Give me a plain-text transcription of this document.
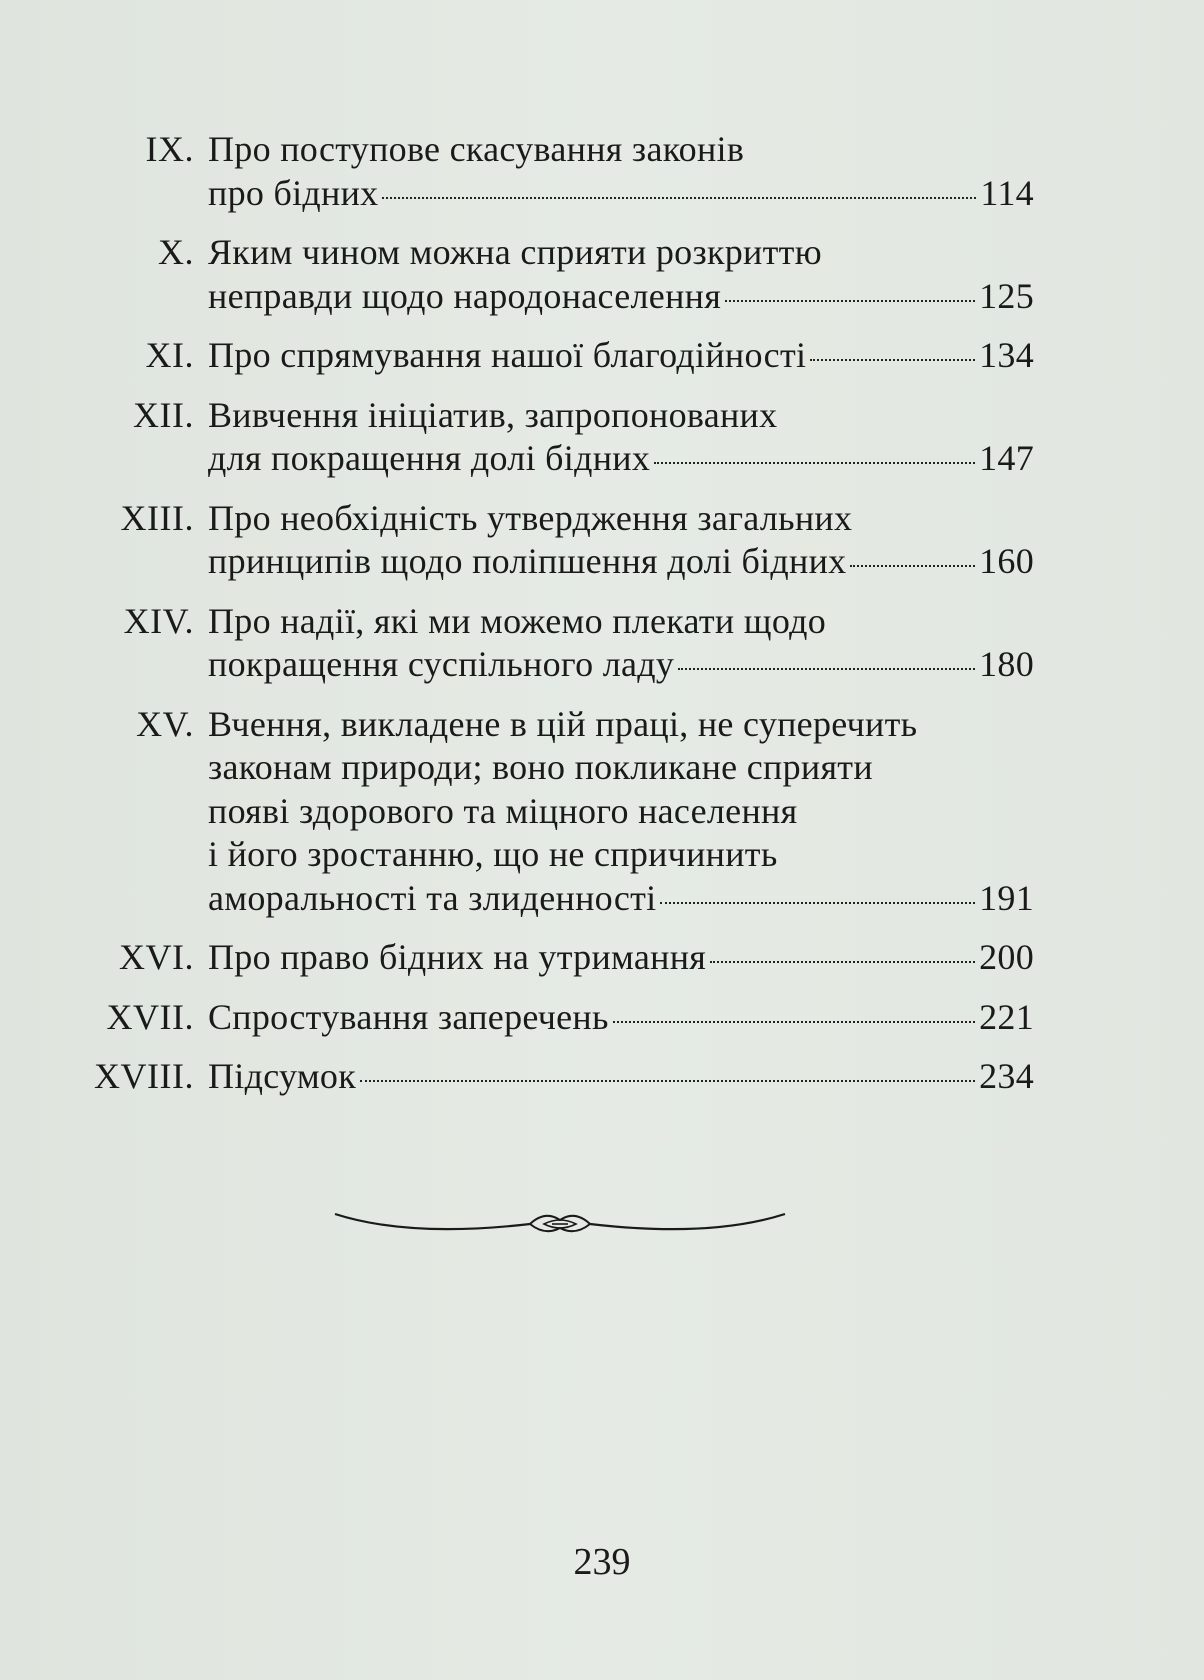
IX. Про поступове скасування законів
про бідних	114
X. Яким чином можна сприяти розкриттю
неправди щодо народонаселення	125
XI. Про спрямування нашої благодійності	134
XII. Вивчення ініціатив, запропонованих
для покращення долі бідних	147
XIII. Про необхідність утвердження загальних
принципів щодо поліпшення долі бідних	160
XIV. Про надії, які ми можемо плекати щодо
покращення суспільного ладу	180
XV. Вчення, викладене в цій праці, не суперечить
законам природи; воно покликане сприяти
появі здорового та міцного населення
і його зростанню, що не спричинить
аморальності та злиденності	191
XVI. Про право бідних на утримання	200
XVII. Спростування заперечень	221
XVIII. Підсумок	234
239
